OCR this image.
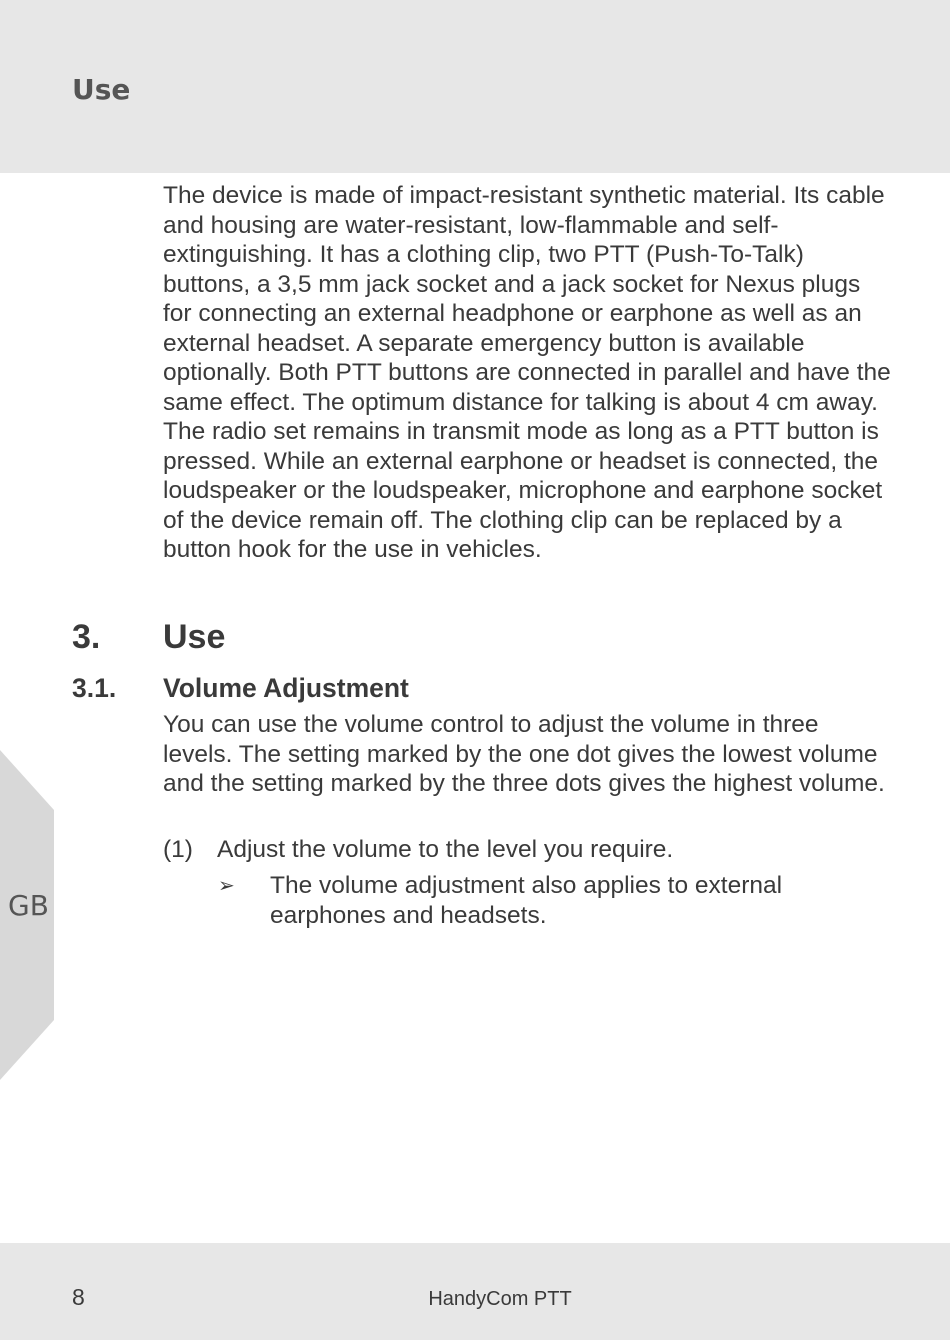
Use

The device is made of impact-resistant synthetic material. Its cable and housing are water-resistant, low-flammable and self-extinguishing. It has a clothing clip, two PTT (Push-To-Talk) buttons, a 3,5 mm jack socket and a jack socket for Nexus plugs for connecting an external headphone or earphone as well as an external headset. A separate emergency button is available optionally. Both PTT buttons are connected in parallel and have the same effect. The optimum distance for talking is about 4 cm away. The radio set remains in transmit mode as long as a PTT button is pressed. While an external earphone or headset is connected, the loudspeaker or the loudspeaker, microphone and earphone socket of the device remain off. The clothing clip can be replaced by a button hook for the use in vehicles.

3. Use
3.1. Volume Adjustment

You can use the volume control to adjust the volume in three levels. The setting marked by the one dot gives the lowest volume and the setting marked by the three dots gives the highest volume.

(1) Adjust the volume to the level you require.
➢ The volume adjustment also applies to external earphones and headsets.
GB
8	HandyCom PTT
